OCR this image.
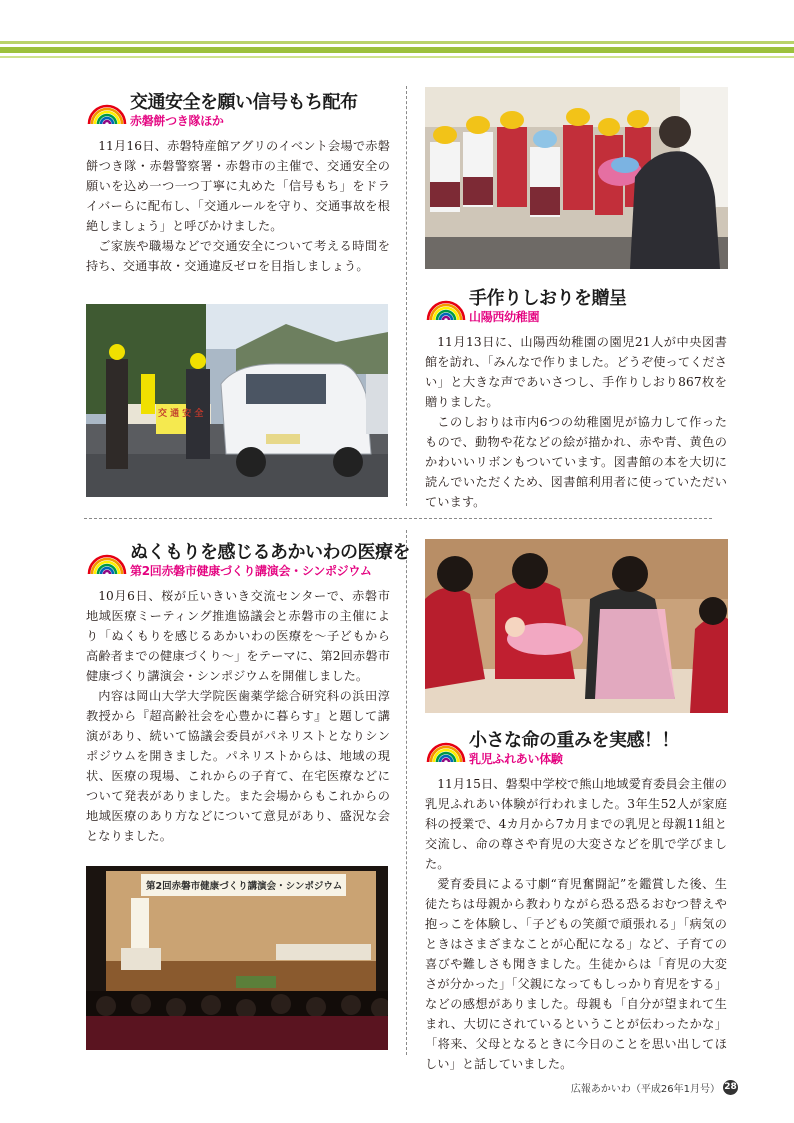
交通安全を願い信号もち配布
赤磐餅つき隊ほか

11月16日、赤磐特産館アグリのイベント会場で赤磐餅つき隊・赤磐警察署・赤磐市の主催で、交通安全の願いを込め一つ一つ丁寧に丸めた「信号もち」をドライバーらに配布し、「交通ルールを守り、交通事故を根絶しましょう」と呼びかけました。

ご家族や職場などで交通安全について考える時間を持ち、交通事故・交通違反ゼロを目指しましょう。

交 通 安 全
手作りしおりを贈呈
山陽西幼稚園

11月13日に、山陽西幼稚園の園児21人が中央図書館を訪れ、「みんなで作りました。どうぞ使ってください」と大きな声であいさつし、手作りしおり867枚を贈りました。

このしおりは市内6つの幼稚園児が協力して作ったもので、動物や花などの絵が描かれ、赤や青、黄色のかわいいリボンもついています。図書館の本を大切に読んでいただくため、図書館利用者に使っていただいています。

ぬくもりを感じるあかいわの医療を
第2回赤磐市健康づくり講演会・シンポジウム

10月6日、桜が丘いきいき交流センターで、赤磐市地域医療ミーティング推進協議会と赤磐市の主催により「ぬくもりを感じるあかいわの医療を〜子どもから高齢者までの健康づくり〜」をテーマに、第2回赤磐市健康づくり講演会・シンポジウムを開催しました。

内容は岡山大学大学院医歯薬学総合研究科の浜田淳教授から『超高齢社会を心豊かに暮らす』と題して講演があり、続いて協議会委員がパネリストとなりシンポジウムを開きました。パネリストからは、地域の現状、医療の現場、これからの子育て、在宅医療などについて発表がありました。また会場からもこれからの地域医療のあり方などについて意見があり、盛況な会となりました。

第2回赤磐市健康づくり講演会・シンポジウム
小さな命の重みを実感！！
乳児ふれあい体験

11月15日、磐梨中学校で熊山地域愛育委員会主催の乳児ふれあい体験が行われました。3年生52人が家庭科の授業で、4カ月から7カ月までの乳児と母親11組と交流し、命の尊さや育児の大変さなどを肌で学びました。

愛育委員による寸劇“育児奮闘記”を鑑賞した後、生徒たちは母親から教わりながら恐る恐るおむつ替えや抱っこを体験し、「子どもの笑顔で頑張れる」「病気のときはさまざまなことが心配になる」など、子育ての喜びや難しさも聞きました。生徒からは「育児の大変さが分かった」「父親になってもしっかり育児をする」などの感想がありました。母親も「自分が望まれて生まれ、大切にされているということが伝わったかな」「将来、父母となるときに今日のことを思い出してほしい」と話していました。

広報あかいわ（平成26年1月号） 28
